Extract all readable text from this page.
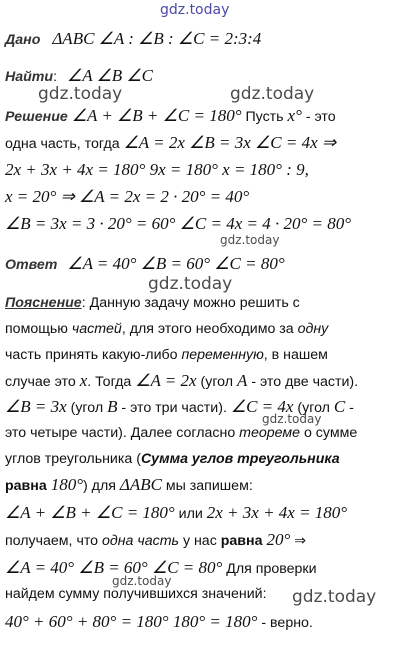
gdz.today
gdz.today	gdz.today
gdz.today
gdz.today
gdz.today
gdz.today
gdz.today
Дано ΔABC ∠A : ∠B : ∠C = 2:3:4
Найти: ∠A ∠B ∠C
Решение ∠A + ∠B + ∠C = 180° Пусть x° - это
одна часть, тогда ∠A = 2x ∠B = 3x ∠C = 4x ⇒
2x + 3x + 4x = 180° 9x = 180° x = 180° : 9,
x = 20° ⇒ ∠A = 2x = 2 · 20° = 40°
∠B = 3x = 3 · 20° = 60° ∠C = 4x = 4 · 20° = 80°
Ответ ∠A = 40° ∠B = 60° ∠C = 80°
Пояснение: Данную задачу можно решить с
помощью частей, для этого необходимо за одну
часть принять какую-либо переменную, в нашем
случае это x. Тогда ∠A = 2x (угол A - это две части).
∠B = 3x (угол B - это три части). ∠C = 4x (угол C -
это четыре части). Далее согласно теореме о сумме
углов треугольника (Сумма углов треугольника
равна 180°) для ΔABC мы запишем:
∠A + ∠B + ∠C = 180° или 2x + 3x + 4x = 180°
получаем, что одна часть у нас равна 20° ⇒
∠A = 40° ∠B = 60° ∠C = 80° Для проверки
найдем сумму получившихся значений:
40° + 60° + 80° = 180° 180° = 180° - верно.
